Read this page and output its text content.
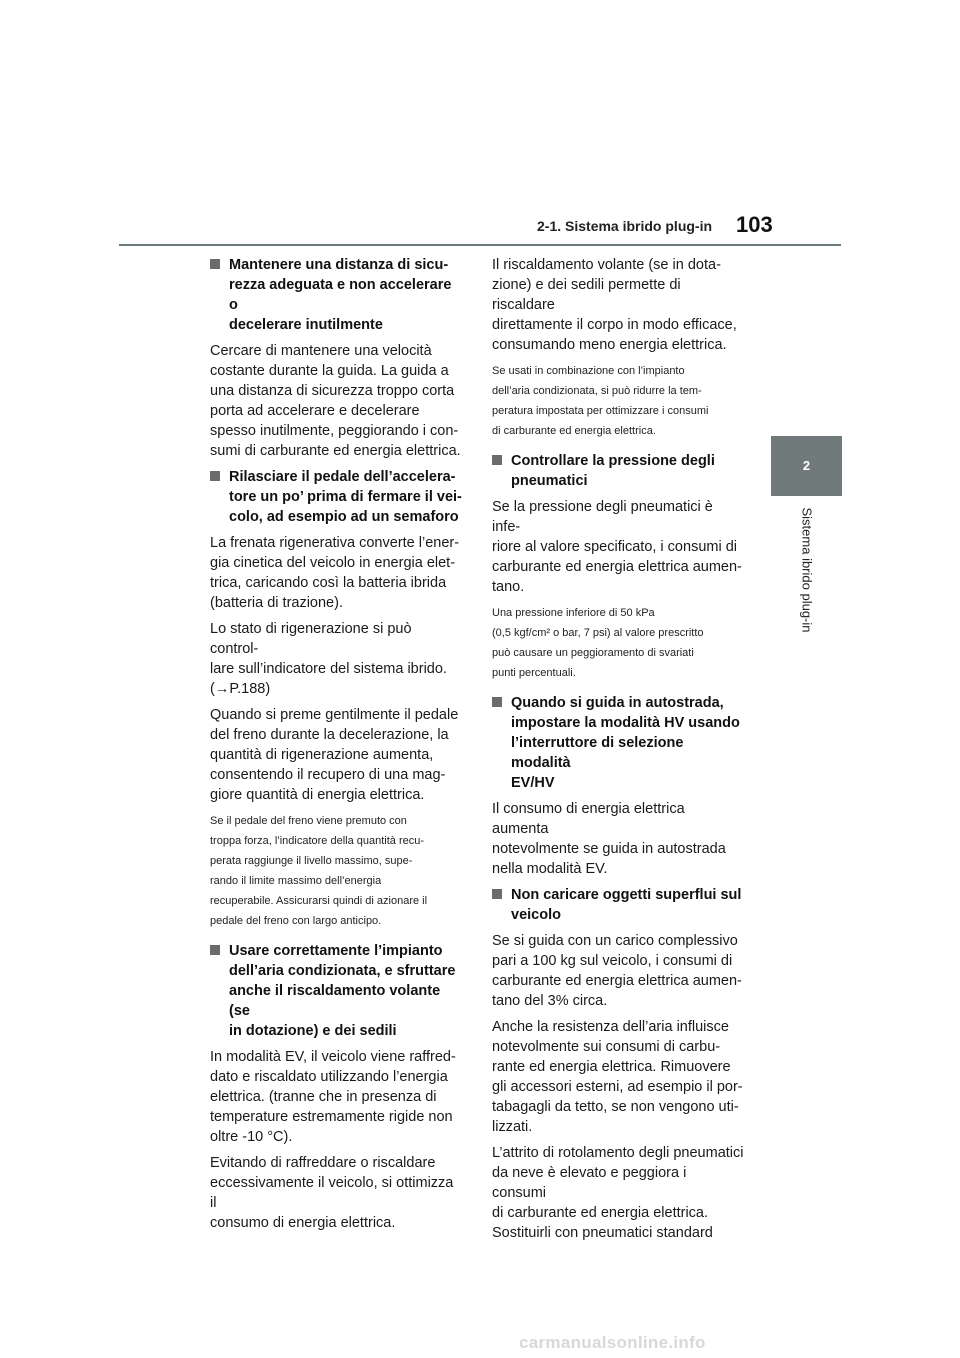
2-1. Sistema ibrido plug-in 103
2
Sistema ibrido plug-in
Mantenere una distanza di sicu-
rezza adeguata e non accelerare o
decelerare inutilmente
Cercare di mantenere una velocità
costante durante la guida. La guida a
una distanza di sicurezza troppo corta
porta ad accelerare e decelerare
spesso inutilmente, peggiorando i con-
sumi di carburante ed energia elettrica.
Rilasciare il pedale dell’accelera-
tore un po’ prima di fermare il vei-
colo, ad esempio ad un semaforo
La frenata rigenerativa converte l’ener-
gia cinetica del veicolo in energia elet-
trica, caricando così la batteria ibrida
(batteria di trazione).
Lo stato di rigenerazione si può control-
lare sull’indicatore del sistema ibrido.
(→P.188)
Quando si preme gentilmente il pedale
del freno durante la decelerazione, la
quantità di rigenerazione aumenta,
consentendo il recupero di una mag-
giore quantità di energia elettrica.
Se il pedale del freno viene premuto con
troppa forza, l’indicatore della quantità recu-
perata raggiunge il livello massimo, supe-
rando il limite massimo dell’energia
recuperabile. Assicurarsi quindi di azionare il
pedale del freno con largo anticipo.
Usare correttamente l’impianto
dell’aria condizionata, e sfruttare
anche il riscaldamento volante (se
in dotazione) e dei sedili
In modalità EV, il veicolo viene raffred-
dato e riscaldato utilizzando l’energia
elettrica. (tranne che in presenza di
temperature estremamente rigide non
oltre -10 °C).
Evitando di raffreddare o riscaldare
eccessivamente il veicolo, si ottimizza il
consumo di energia elettrica.
Il riscaldamento volante (se in dota-
zione) e dei sedili permette di riscaldare
direttamente il corpo in modo efficace,
consumando meno energia elettrica.
Se usati in combinazione con l’impianto
dell’aria condizionata, si può ridurre la tem-
peratura impostata per ottimizzare i consumi
di carburante ed energia elettrica.
Controllare la pressione degli
pneumatici
Se la pressione degli pneumatici è infe-
riore al valore specificato, i consumi di
carburante ed energia elettrica aumen-
tano.
Una pressione inferiore di 50 kPa
(0,5 kgf/cm² o bar, 7 psi) al valore prescritto
può causare un peggioramento di svariati
punti percentuali.
Quando si guida in autostrada,
impostare la modalità HV usando
l’interruttore di selezione modalità
EV/HV
Il consumo di energia elettrica aumenta
notevolmente se guida in autostrada
nella modalità EV.
Non caricare oggetti superflui sul
veicolo
Se si guida con un carico complessivo
pari a 100 kg sul veicolo, i consumi di
carburante ed energia elettrica aumen-
tano del 3% circa.
Anche la resistenza dell’aria influisce
notevolmente sui consumi di carbu-
rante ed energia elettrica. Rimuovere
gli accessori esterni, ad esempio il por-
tabagagli da tetto, se non vengono uti-
lizzati.
L’attrito di rotolamento degli pneumatici
da neve è elevato e peggiora i consumi
di carburante ed energia elettrica.
Sostituirli con pneumatici standard
carmanualsonline.info
